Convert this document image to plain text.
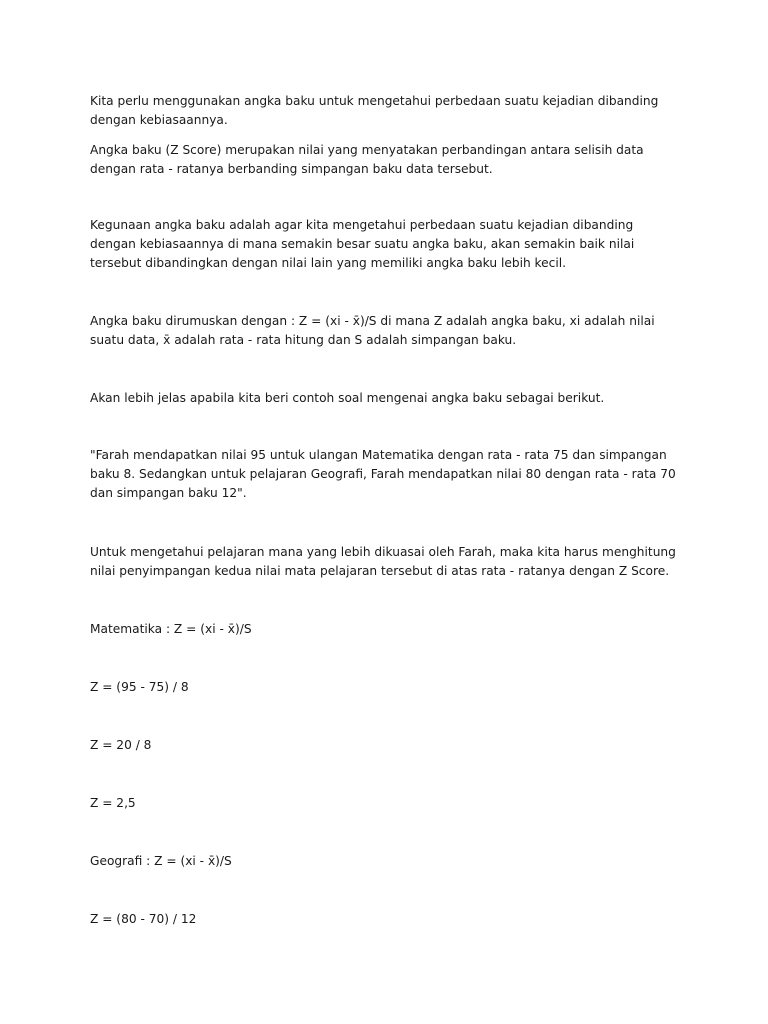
Kita perlu menggunakan angka baku untuk mengetahui perbedaan suatu kejadian dibanding dengan kebiasaannya.

Angka baku (Z Score) merupakan nilai yang menyatakan perbandingan antara selisih data dengan rata - ratanya berbanding simpangan baku data tersebut.

Kegunaan angka baku adalah agar kita mengetahui perbedaan suatu kejadian dibanding dengan kebiasaannya di mana semakin besar suatu angka baku, akan semakin baik nilai tersebut dibandingkan dengan nilai lain yang memiliki angka baku lebih kecil.

Angka baku dirumuskan dengan : Z = (xi - x̄)/S di mana Z adalah angka baku, xi adalah nilai suatu data, x̄ adalah rata - rata hitung dan S adalah simpangan baku.

Akan lebih jelas apabila kita beri contoh soal mengenai angka baku sebagai berikut.

"Farah mendapatkan nilai 95 untuk ulangan Matematika dengan rata - rata 75 dan simpangan baku 8. Sedangkan untuk pelajaran Geografi, Farah mendapatkan nilai 80 dengan rata - rata 70 dan simpangan baku 12".

Untuk mengetahui pelajaran mana yang lebih dikuasai oleh Farah, maka kita harus menghitung nilai penyimpangan kedua nilai mata pelajaran tersebut di atas rata - ratanya dengan Z Score.

Matematika : Z = (xi - x̄)/S

Z = (95 - 75) / 8

Z = 20 / 8

Z = 2,5

Geografi : Z = (xi - x̄)/S

Z = (80 - 70) / 12
